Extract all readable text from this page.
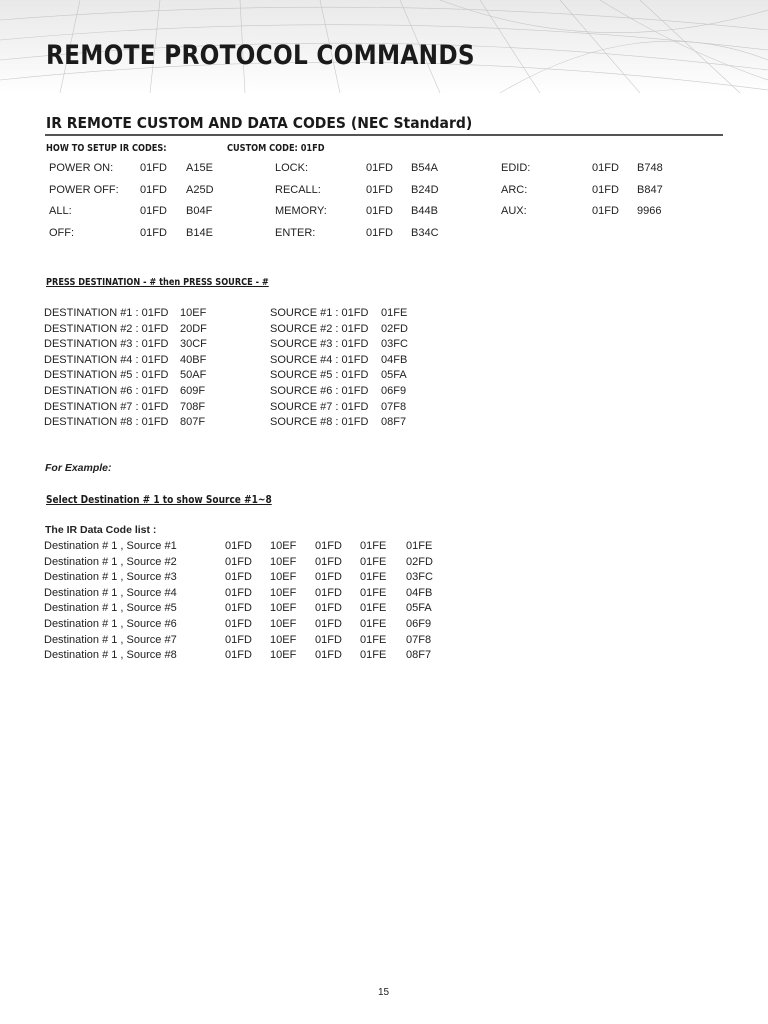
REMOTE PROTOCOL COMMANDS
IR REMOTE CUSTOM AND DATA CODES (NEC Standard)
HOW TO SETUP IR CODES:	CUSTOM CODE: 01FD
POWER ON: 01FD A15E
POWER OFF: 01FD A25D
ALL:	01FD B04F
OFF:	01FD B14E
LOCK:	01FD B54A
RECALL:	01FD B24D
MEMORY:	01FD B44B
ENTER:	01FD B34C
EDID:	01FD B748
ARC:	01FD B847
AUX:	01FD 9966
PRESS DESTINATION - # then PRESS SOURCE - #
DESTINATION #1 : 01FD 10EF
DESTINATION #2 : 01FD 20DF
DESTINATION #3 : 01FD 30CF
DESTINATION #4 : 01FD 40BF
DESTINATION #5 : 01FD 50AF
DESTINATION #6 : 01FD 609F
DESTINATION #7 : 01FD 708F
DESTINATION #8 : 01FD 807F
SOURCE #1 : 01FD 01FE
SOURCE #2 : 01FD 02FD
SOURCE #3 : 01FD 03FC
SOURCE #4 : 01FD 04FB
SOURCE #5 : 01FD 05FA
SOURCE #6 : 01FD 06F9
SOURCE #7 : 01FD 07F8
SOURCE #8 : 01FD 08F7
For Example:
Select Destination # 1 to show Source #1~8
The IR Data Code list :
Destination # 1 , Source #1	01FD 10EF 01FD 01FE 01FE
Destination # 1 , Source #2	01FD 10EF 01FD 01FE 02FD
Destination # 1 , Source #3	01FD 10EF 01FD 01FE 03FC
Destination # 1 , Source #4	01FD 10EF 01FD 01FE 04FB
Destination # 1 , Source #5	01FD 10EF 01FD 01FE 05FA
Destination # 1 , Source #6	01FD 10EF 01FD 01FE 06F9
Destination # 1 , Source #7	01FD 10EF 01FD 01FE 07F8
Destination # 1 , Source #8	01FD 10EF 01FD 01FE 08F7
15
